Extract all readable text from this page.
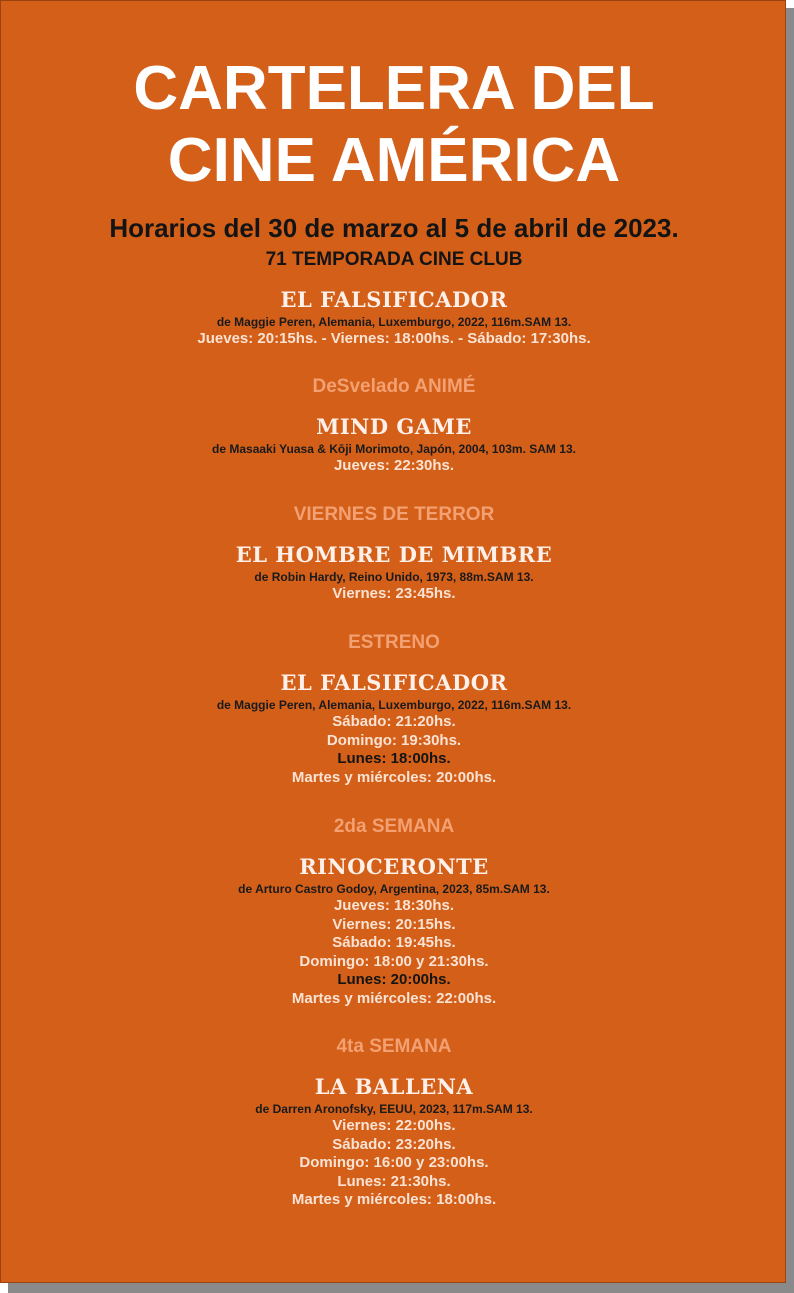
CARTELERA DEL
CINE AMÉRICA
Horarios del 30 de marzo al 5 de abril de 2023.
71 TEMPORADA CINE CLUB
EL FALSIFICADOR
de Maggie Peren, Alemania, Luxemburgo, 2022, 116m.SAM 13.
Jueves: 20:15hs. - Viernes: 18:00hs. - Sábado: 17:30hs.
DeSvelado ANIMÉ
MIND GAME
de Masaaki Yuasa & Kōji Morimoto, Japón, 2004, 103m. SAM 13.
Jueves: 22:30hs.
VIERNES DE TERROR
EL HOMBRE DE MIMBRE
de Robin Hardy, Reino Unido, 1973, 88m.SAM 13.
Viernes: 23:45hs.
ESTRENO
EL FALSIFICADOR
de Maggie Peren, Alemania, Luxemburgo, 2022, 116m.SAM 13.
Sábado: 21:20hs.
Domingo: 19:30hs.
Lunes: 18:00hs.
Martes y miércoles: 20:00hs.
2da SEMANA
RINOCERONTE
de Arturo Castro Godoy, Argentina, 2023, 85m.SAM 13.
Jueves: 18:30hs.
Viernes: 20:15hs.
Sábado: 19:45hs.
Domingo: 18:00 y 21:30hs.
Lunes: 20:00hs.
Martes y miércoles: 22:00hs.
4ta SEMANA
LA BALLENA
de Darren Aronofsky, EEUU, 2023, 117m.SAM 13.
Viernes: 22:00hs.
Sábado: 23:20hs.
Domingo: 16:00 y 23:00hs.
Lunes: 21:30hs.
Martes y miércoles: 18:00hs.
